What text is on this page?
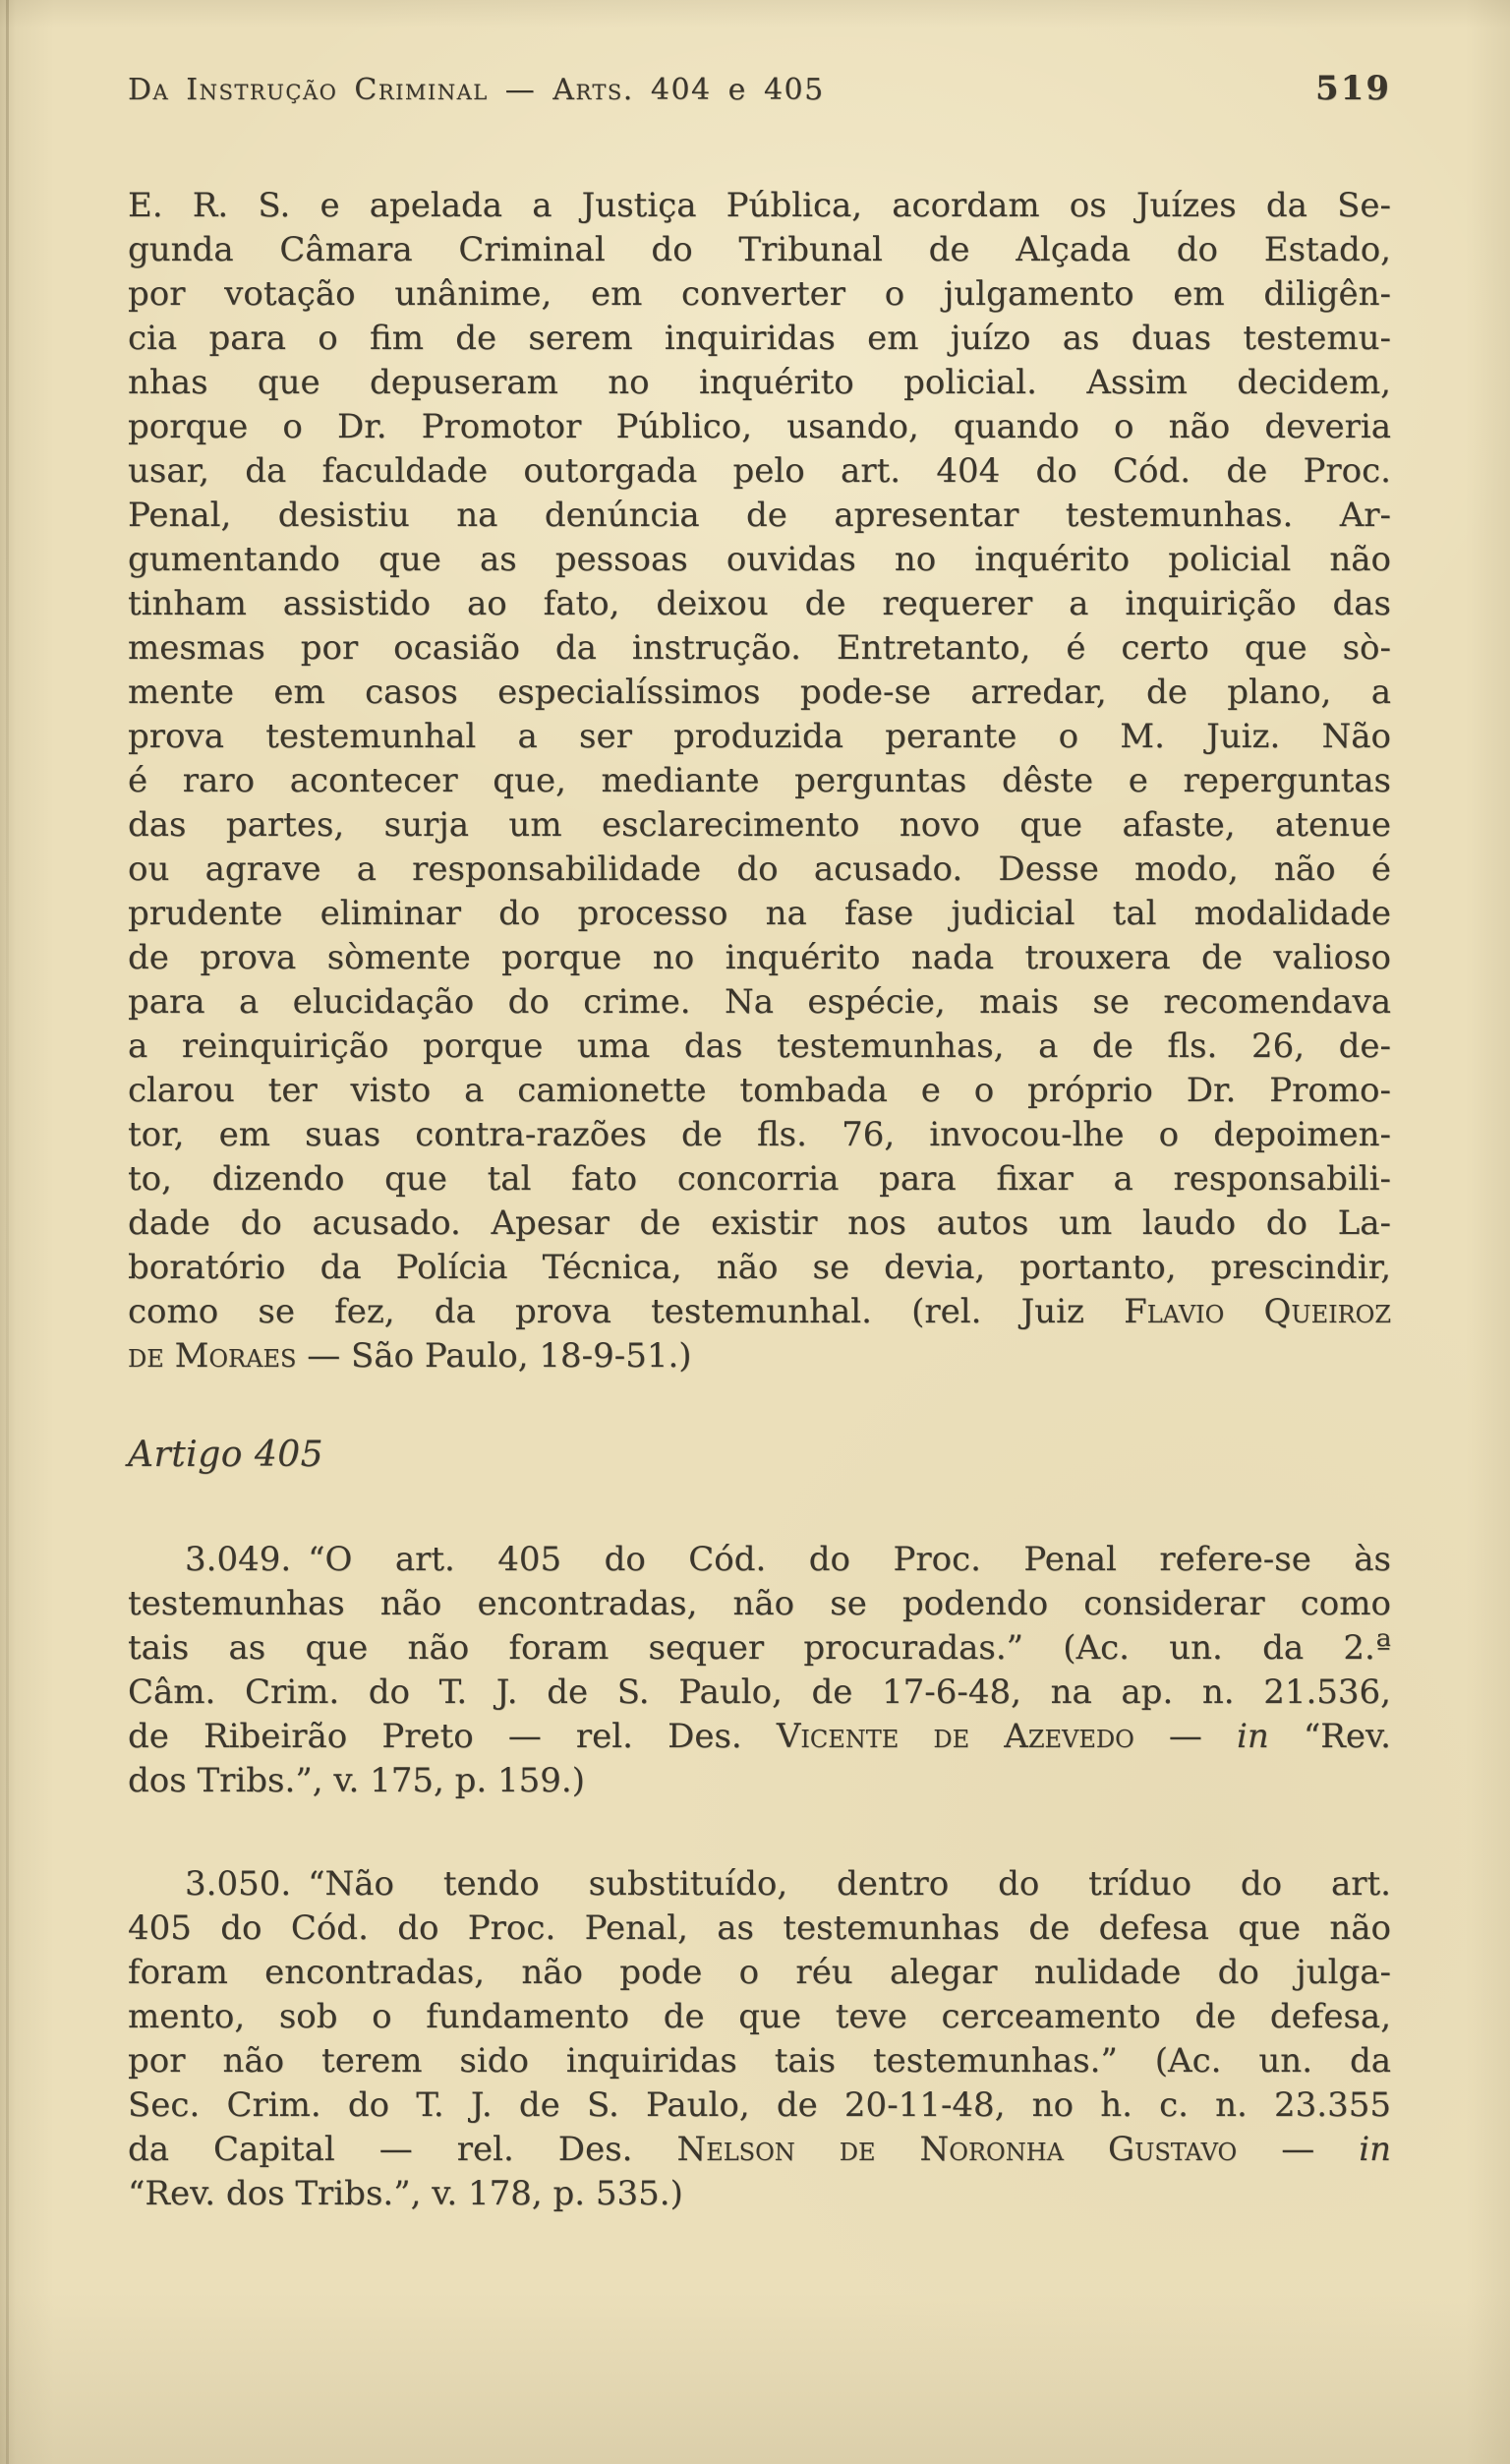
Da Instrução Criminal — Arts. 404 e 405	519
E. R. S. e apelada a Justiça Pública, acordam os Juízes da Se-
gunda Câmara Criminal do Tribunal de Alçada do Estado,
por votação unânime, em converter o julgamento em diligên-
cia para o fim de serem inquiridas em juízo as duas testemu-
nhas que depuseram no inquérito policial. Assim decidem,
porque o Dr. Promotor Público, usando, quando o não deveria
usar, da faculdade outorgada pelo art. 404 do Cód. de Proc.
Penal, desistiu na denúncia de apresentar testemunhas. Ar-
gumentando que as pessoas ouvidas no inquérito policial não
tinham assistido ao fato, deixou de requerer a inquirição das
mesmas por ocasião da instrução. Entretanto, é certo que sò-
mente em casos especialíssimos pode-se arredar, de plano, a
prova testemunhal a ser produzida perante o M. Juiz. Não
é raro acontecer que, mediante perguntas dêste e reperguntas
das partes, surja um esclarecimento novo que afaste, atenue
ou agrave a responsabilidade do acusado. Desse modo, não é
prudente eliminar do processo na fase judicial tal modalidade
de prova sòmente porque no inquérito nada trouxera de valioso
para a elucidação do crime. Na espécie, mais se recomendava
a reinquirição porque uma das testemunhas, a de fls. 26, de-
clarou ter visto a camionette tombada e o próprio Dr. Promo-
tor, em suas contra-razões de fls. 76, invocou-lhe o depoimen-
to, dizendo que tal fato concorria para fixar a responsabili-
dade do acusado. Apesar de existir nos autos um laudo do La-
boratório da Polícia Técnica, não se devia, portanto, prescindir,
como se fez, da prova testemunhal. (rel. Juiz Flavio Queiroz
de Moraes — São Paulo, 18-9-51.)
Artigo 405
3.049. “O art. 405 do Cód. do Proc. Penal refere-se às
testemunhas não encontradas, não se podendo considerar como
tais as que não foram sequer procuradas.” (Ac. un. da 2.ª
Câm. Crim. do T. J. de S. Paulo, de 17-6-48, na ap. n. 21.536,
de Ribeirão Preto — rel. Des. Vicente de Azevedo — in “Rev.
dos Tribs.”, v. 175, p. 159.)
3.050. “Não tendo substituído, dentro do tríduo do art.
405 do Cód. do Proc. Penal, as testemunhas de defesa que não
foram encontradas, não pode o réu alegar nulidade do julga-
mento, sob o fundamento de que teve cerceamento de defesa,
por não terem sido inquiridas tais testemunhas.” (Ac. un. da
Sec. Crim. do T. J. de S. Paulo, de 20-11-48, no h. c. n. 23.355
da Capital — rel. Des. Nelson de Noronha Gustavo — in
“Rev. dos Tribs.”, v. 178, p. 535.)
